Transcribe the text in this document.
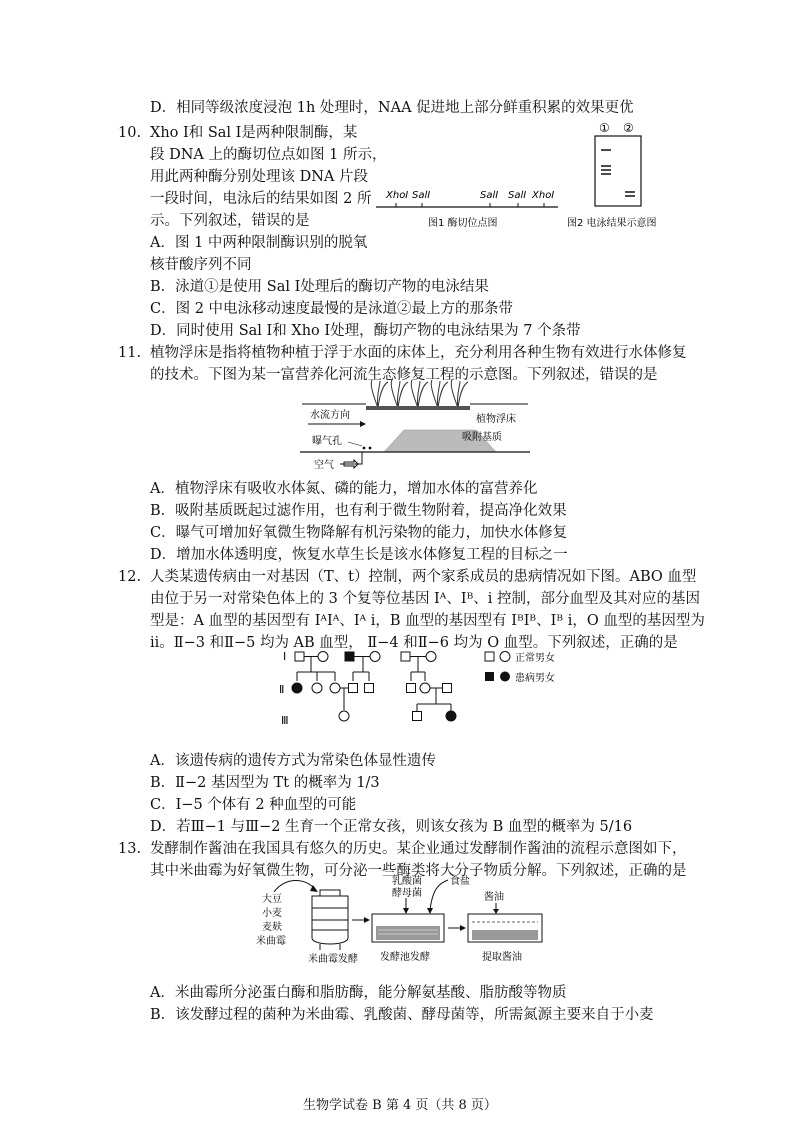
D．相同等级浓度浸泡 1h 处理时，NAA 促进地上部分鲜重积累的效果更优
10. Xho Ⅰ和 Sal Ⅰ是两种限制酶，某
段 DNA 上的酶切位点如图 1 所示，
用此两种酶分别处理该 DNA 片段
一段时间，电泳后的结果如图 2 所
示。下列叙述，错误的是
A．图 1 中两种限制酶识别的脱氧
核苷酸序列不同
B．泳道①是使用 Sal Ⅰ处理后的酶切产物的电泳结果
C．图 2 中电泳移动速度最慢的是泳道②最上方的那条带
D．同时使用 Sal Ⅰ和 Xho Ⅰ处理，酶切产物的电泳结果为 7 个条带
XhoⅠ SalⅠ	SalⅠ SalⅠ XhoⅠ
图1 酶切位点图
① ②
图2 电泳结果示意图
11. 植物浮床是指将植物种植于浮于水面的床体上，充分利用各种生物有效进行水体修复
的技术。下图为某一富营养化河流生态修复工程的示意图。下列叙述，错误的是
水流方向	植物浮床
吸附基质
曝气孔
空气
A．植物浮床有吸收水体氮、磷的能力，增加水体的富营养化
B．吸附基质既起过滤作用，也有利于微生物附着，提高净化效果
C．曝气可增加好氧微生物降解有机污染物的能力，加快水体修复
D．增加水体透明度，恢复水草生长是该水体修复工程的目标之一
12. 人类某遗传病由一对基因（T、t）控制，两个家系成员的患病情况如下图。ABO 血型
由位于另一对常染色体上的 3 个复等位基因 Iᴬ、Iᴮ、i 控制，部分血型及其对应的基因
型是：A 血型的基因型有 IᴬIᴬ、Iᴬ i，B 血型的基因型有 IᴮIᴮ、Iᴮ i，O 血型的基因型为
ii。Ⅱ−3 和Ⅱ−5 均为 AB 血型， Ⅱ−4 和Ⅱ−6 均为 O 血型。下列叙述，正确的是
Ⅰ
Ⅱ
Ⅲ
正常男女
患病男女
A．该遗传病的遗传方式为常染色体显性遗传
B．Ⅱ−2 基因型为 Tt 的概率为 1/3
C．Ⅰ−5 个体有 2 种血型的可能
D．若Ⅲ−1 与Ⅲ−2 生育一个正常女孩，则该女孩为 B 血型的概率为 5/16
13. 发酵制作酱油在我国具有悠久的历史。某企业通过发酵制作酱油的流程示意图如下，
其中米曲霉为好氧微生物，可分泌一些酶类将大分子物质分解。下列叙述，正确的是
大豆
小麦
麦麸
米曲霉
米曲霉发酵
乳酸菌
酵母菌
食盐
发酵池发酵
酱油
提取酱油
A．米曲霉所分泌蛋白酶和脂肪酶，能分解氨基酸、脂肪酸等物质
B．该发酵过程的菌种为米曲霉、乳酸菌、酵母菌等，所需氮源主要来自于小麦
生物学试卷 B 第 4 页（共 8 页）
